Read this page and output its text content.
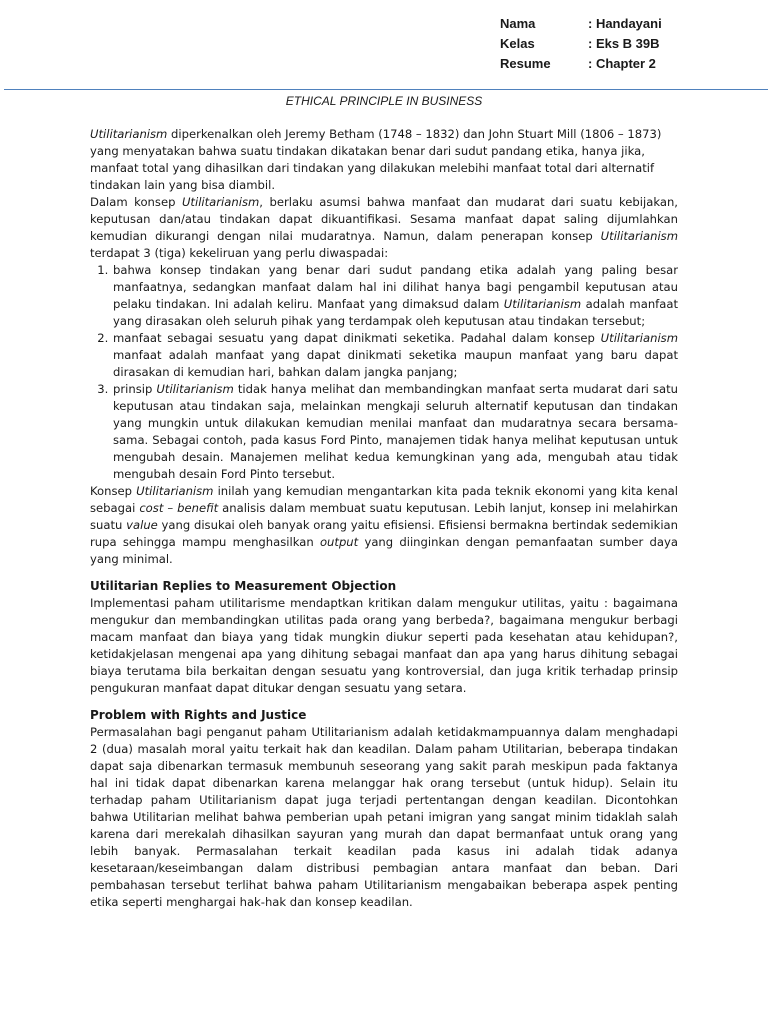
Nama	: Handayani
Kelas	: Eks B 39B
Resume	: Chapter 2
ETHICAL PRINCIPLE IN BUSINESS

Utilitarianism diperkenalkan oleh Jeremy Betham (1748 – 1832) dan John Stuart Mill (1806 – 1873) yang menyatakan bahwa suatu tindakan dikatakan benar dari sudut pandang etika, hanya jika, manfaat total yang dihasilkan dari tindakan yang dilakukan melebihi manfaat total dari alternatif tindakan lain yang bisa diambil.

Dalam konsep Utilitarianism, berlaku asumsi bahwa manfaat dan mudarat dari suatu kebijakan, keputusan dan/atau tindakan dapat dikuantifikasi. Sesama manfaat dapat saling dijumlahkan kemudian dikurangi dengan nilai mudaratnya. Namun, dalam penerapan konsep Utilitarianism terdapat 3 (tiga) kekeliruan yang perlu diwaspadai:

1. bahwa konsep tindakan yang benar dari sudut pandang etika adalah yang paling besar manfaatnya, sedangkan manfaat dalam hal ini dilihat hanya bagi pengambil keputusan atau pelaku tindakan. Ini adalah keliru. Manfaat yang dimaksud dalam Utilitarianism adalah manfaat yang dirasakan oleh seluruh pihak yang terdampak oleh keputusan atau tindakan tersebut;
2. manfaat sebagai sesuatu yang dapat dinikmati seketika. Padahal dalam konsep Utilitarianism manfaat adalah manfaat yang dapat dinikmati seketika maupun manfaat yang baru dapat dirasakan di kemudian hari, bahkan dalam jangka panjang;
3. prinsip Utilitarianism tidak hanya melihat dan membandingkan manfaat serta mudarat dari satu keputusan atau tindakan saja, melainkan mengkaji seluruh alternatif keputusan dan tindakan yang mungkin untuk dilakukan kemudian menilai manfaat dan mudaratnya secara bersama-sama. Sebagai contoh, pada kasus Ford Pinto, manajemen tidak hanya melihat keputusan untuk mengubah desain. Manajemen melihat kedua kemungkinan yang ada, mengubah atau tidak mengubah desain Ford Pinto tersebut.

Konsep Utilitarianism inilah yang kemudian mengantarkan kita pada teknik ekonomi yang kita kenal sebagai cost – benefit analisis dalam membuat suatu keputusan. Lebih lanjut, konsep ini melahirkan suatu value yang disukai oleh banyak orang yaitu efisiensi. Efisiensi bermakna bertindak sedemikian rupa sehingga mampu menghasilkan output yang diinginkan dengan pemanfaatan sumber daya yang minimal.

Utilitarian Replies to Measurement Objection

Implementasi paham utilitarisme mendaptkan kritikan dalam mengukur utilitas, yaitu : bagaimana mengukur dan membandingkan utilitas pada orang yang berbeda?, bagaimana mengukur berbagi macam manfaat dan biaya yang tidak mungkin diukur seperti pada kesehatan atau kehidupan?, ketidakjelasan mengenai apa yang dihitung sebagai manfaat dan apa yang harus dihitung sebagai biaya terutama bila berkaitan dengan sesuatu yang kontroversial, dan juga kritik terhadap prinsip pengukuran manfaat dapat ditukar dengan sesuatu yang setara.

Problem with Rights and Justice

Permasalahan bagi penganut paham Utilitarianism adalah ketidakmampuannya dalam menghadapi 2 (dua) masalah moral yaitu terkait hak dan keadilan. Dalam paham Utilitarian, beberapa tindakan dapat saja dibenarkan termasuk membunuh seseorang yang sakit parah meskipun pada faktanya hal ini tidak dapat dibenarkan karena melanggar hak orang tersebut (untuk hidup). Selain itu terhadap paham Utilitarianism dapat juga terjadi pertentangan dengan keadilan. Dicontohkan bahwa Utilitarian melihat bahwa pemberian upah petani imigran yang sangat minim tidaklah salah karena dari merekalah dihasilkan sayuran yang murah dan dapat bermanfaat untuk orang yang lebih banyak. Permasalahan terkait keadilan pada kasus ini adalah tidak adanya kesetaraan/keseimbangan dalam distribusi pembagian antara manfaat dan beban. Dari pembahasan tersebut terlihat bahwa paham Utilitarianism mengabaikan beberapa aspek penting etika seperti menghargai hak-hak dan konsep keadilan.
